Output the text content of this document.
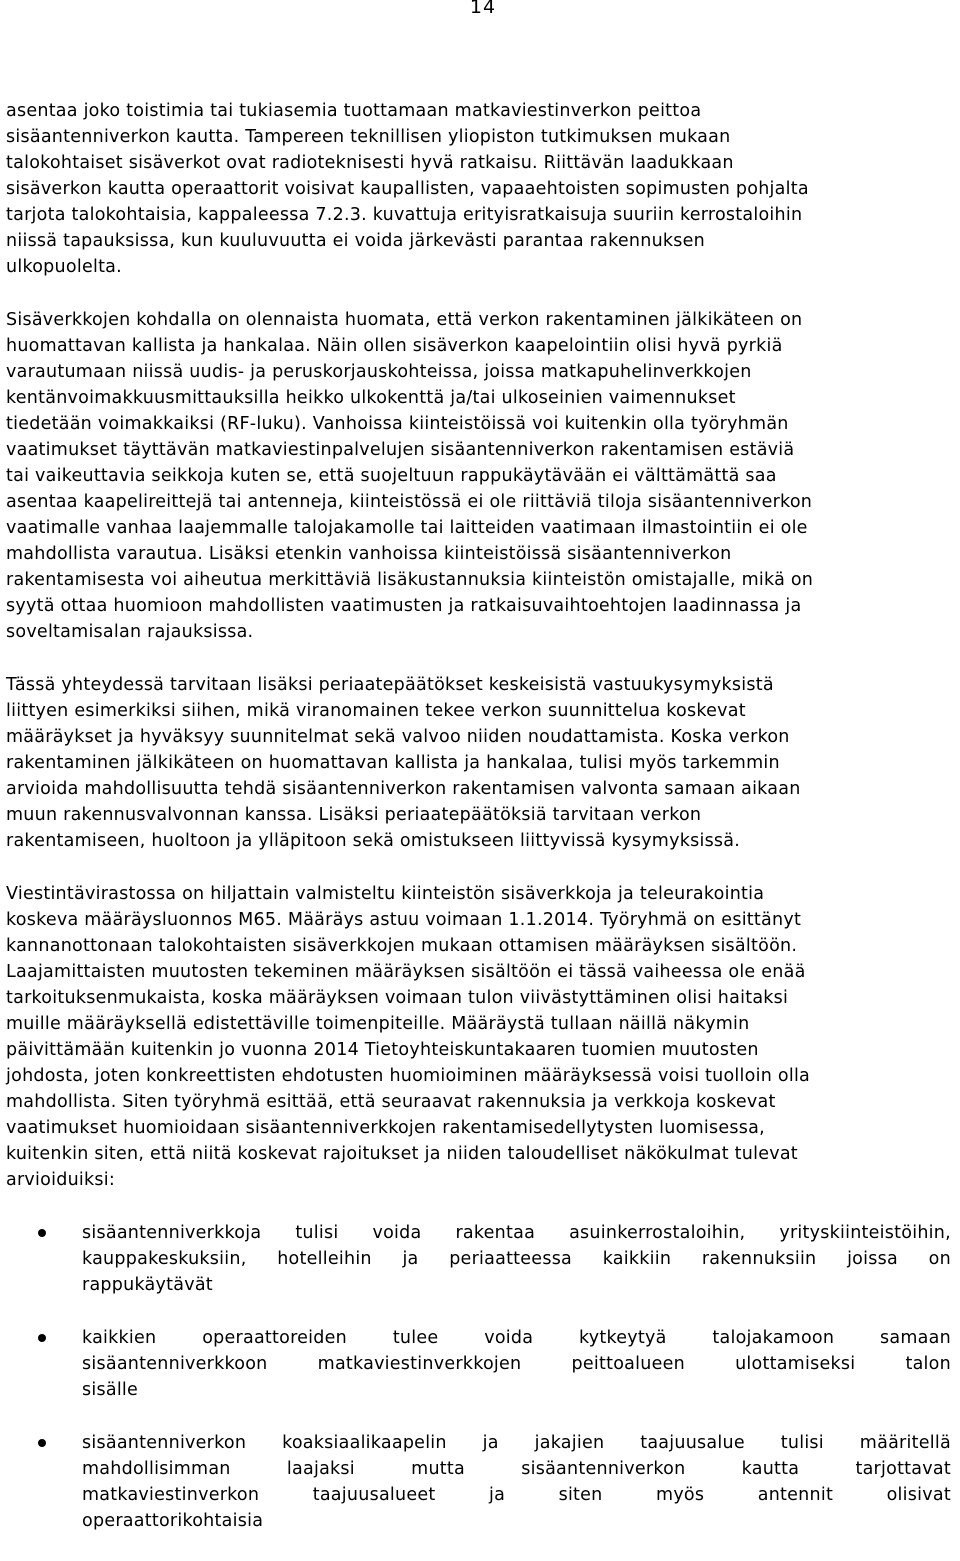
14
asentaa joko toistimia tai tukiasemia tuottamaan matkaviestinverkon peittoa
sisäantenniverkon kautta. Tampereen teknillisen yliopiston tutkimuksen mukaan
talokohtaiset sisäverkot ovat radioteknisesti hyvä ratkaisu. Riittävän laadukkaan
sisäverkon kautta operaattorit voisivat kaupallisten, vapaaehtoisten sopimusten pohjalta
tarjota talokohtaisia, kappaleessa 7.2.3. kuvattuja erityisratkaisuja suuriin kerrostaloihin
niissä tapauksissa, kun kuuluvuutta ei voida järkevästi parantaa rakennuksen
ulkopuolelta.
Sisäverkkojen kohdalla on olennaista huomata, että verkon rakentaminen jälkikäteen on
huomattavan kallista ja hankalaa. Näin ollen sisäverkon kaapelointiin olisi hyvä pyrkiä
varautumaan niissä uudis- ja peruskorjauskohteissa, joissa matkapuhelinverkkojen
kentänvoimakkuusmittauksilla heikko ulkokenttä ja/tai ulkoseinien vaimennukset
tiedetään voimakkaiksi (RF-luku). Vanhoissa kiinteistöissä voi kuitenkin olla työryhmän
vaatimukset täyttävän matkaviestinpalvelujen sisäantenniverkon rakentamisen estäviä
tai vaikeuttavia seikkoja kuten se, että suojeltuun rappukäytävään ei välttämättä saa
asentaa kaapelireittejä tai antenneja, kiinteistössä ei ole riittäviä tiloja sisäantenniverkon
vaatimalle vanhaa laajemmalle talojakamolle tai laitteiden vaatimaan ilmastointiin ei ole
mahdollista varautua. Lisäksi etenkin vanhoissa kiinteistöissä sisäantenniverkon
rakentamisesta voi aiheutua merkittäviä lisäkustannuksia kiinteistön omistajalle, mikä on
syytä ottaa huomioon mahdollisten vaatimusten ja ratkaisuvaihtoehtojen laadinnassa ja
soveltamisalan rajauksissa.
Tässä yhteydessä tarvitaan lisäksi periaatepäätökset keskeisistä vastuukysymyksistä
liittyen esimerkiksi siihen, mikä viranomainen tekee verkon suunnittelua koskevat
määräykset ja hyväksyy suunnitelmat sekä valvoo niiden noudattamista. Koska verkon
rakentaminen jälkikäteen on huomattavan kallista ja hankalaa, tulisi myös tarkemmin
arvioida mahdollisuutta tehdä sisäantenniverkon rakentamisen valvonta samaan aikaan
muun rakennusvalvonnan kanssa. Lisäksi periaatepäätöksiä tarvitaan verkon
rakentamiseen, huoltoon ja ylläpitoon sekä omistukseen liittyvissä kysymyksissä.
Viestintävirastossa on hiljattain valmisteltu kiinteistön sisäverkkoja ja teleurakointia
koskeva määräysluonnos M65. Määräys astuu voimaan 1.1.2014. Työryhmä on esittänyt
kannanottonaan talokohtaisten sisäverkkojen mukaan ottamisen määräyksen sisältöön.
Laajamittaisten muutosten tekeminen määräyksen sisältöön ei tässä vaiheessa ole enää
tarkoituksenmukaista, koska määräyksen voimaan tulon viivästyttäminen olisi haitaksi
muille määräyksellä edistettäville toimenpiteille. Määräystä tullaan näillä näkymin
päivittämään kuitenkin jo vuonna 2014 Tietoyhteiskuntakaaren tuomien muutosten
johdosta, joten konkreettisten ehdotusten huomioiminen määräyksessä voisi tuolloin olla
mahdollista. Siten työryhmä esittää, että seuraavat rakennuksia ja verkkoja koskevat
vaatimukset huomioidaan sisäantenniverkkojen rakentamisedellytysten luomisessa,
kuitenkin siten, että niitä koskevat rajoitukset ja niiden taloudelliset näkökulmat tulevat
arvioiduiksi:
sisäantenniverkkoja tulisi voida rakentaa asuinkerrostaloihin, yrityskiinteistöihin,
kauppakeskuksiin, hotelleihin ja periaatteessa kaikkiin rakennuksiin joissa on
rappukäytävät
kaikkien	operaattoreiden	tulee	voida	kytkeytyä	talojakamoon	samaan
sisäantenniverkkoon	matkaviestinverkkojen	peittoalueen	ulottamiseksi	talon
sisälle
sisäantenniverkon koaksiaalikaapelin ja jakajien taajuusalue tulisi määritellä
mahdollisimman	laajaksi	mutta	sisäantenniverkon	kautta	tarjottavat
matkaviestinverkon	taajuusalueet	ja	siten	myös	antennit	olisivat
operaattorikohtaisia
